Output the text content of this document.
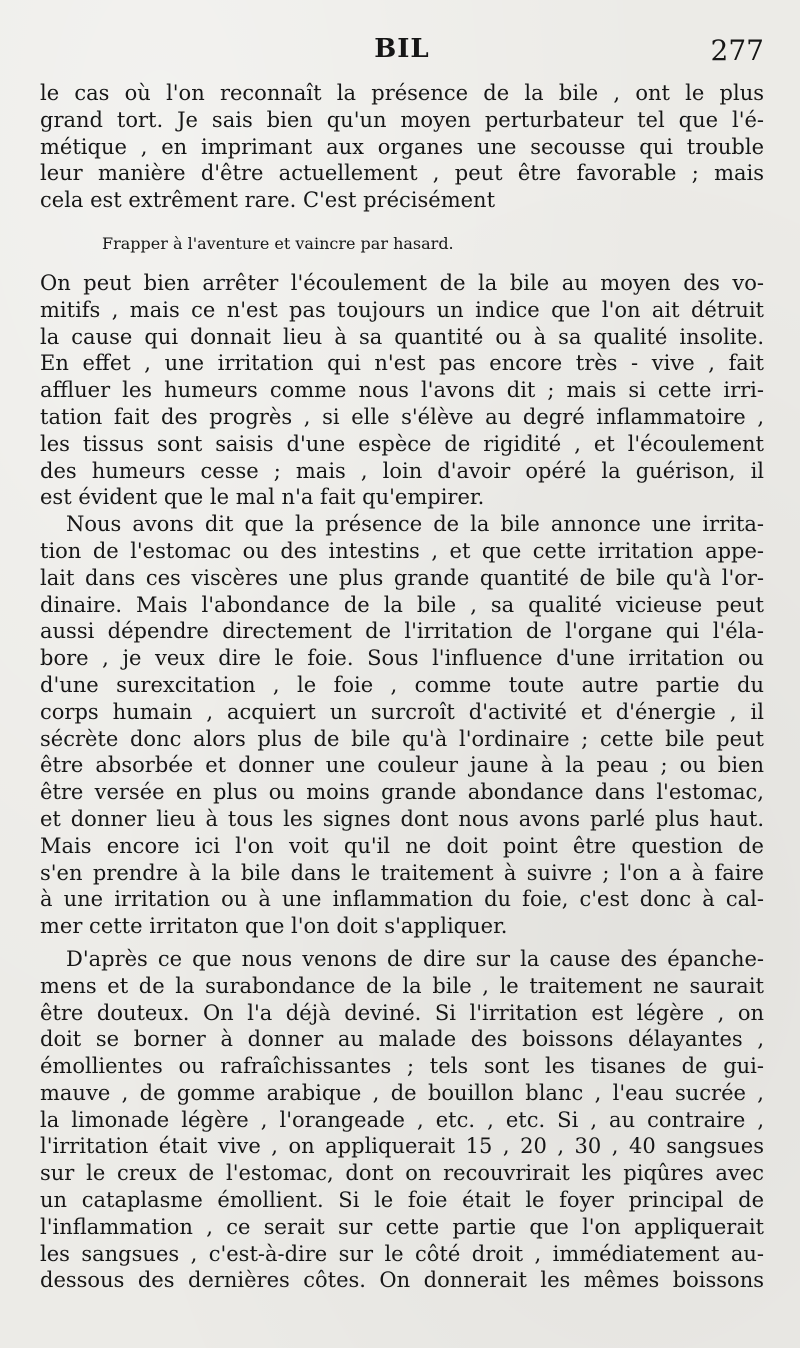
BIL	277
le cas où l'on reconnaît la présence de la bile , ont le plus
grand tort. Je sais bien qu'un moyen perturbateur tel que l'é-
métique , en imprimant aux organes une secousse qui trouble
leur manière d'être actuellement , peut être favorable ; mais
cela est extrêment rare. C'est précisément
Frapper à l'aventure et vaincre par hasard.
On peut bien arrêter l'écoulement de la bile au moyen des vo-
mitifs , mais ce n'est pas toujours un indice que l'on ait détruit
la cause qui donnait lieu à sa quantité ou à sa qualité insolite.
En effet , une irritation qui n'est pas encore très - vive , fait
affluer les humeurs comme nous l'avons dit ; mais si cette irri-
tation fait des progrès , si elle s'élève au degré inflammatoire ,
les tissus sont saisis d'une espèce de rigidité , et l'écoulement
des humeurs cesse ; mais , loin d'avoir opéré la guérison, il
est évident que le mal n'a fait qu'empirer.
Nous avons dit que la présence de la bile annonce une irrita-
tion de l'estomac ou des intestins , et que cette irritation appe-
lait dans ces viscères une plus grande quantité de bile qu'à l'or-
dinaire. Mais l'abondance de la bile , sa qualité vicieuse peut
aussi dépendre directement de l'irritation de l'organe qui l'éla-
bore , je veux dire le foie. Sous l'influence d'une irritation ou
d'une surexcitation , le foie , comme toute autre partie du
corps humain , acquiert un surcroît d'activité et d'énergie , il
sécrète donc alors plus de bile qu'à l'ordinaire ; cette bile peut
être absorbée et donner une couleur jaune à la peau ; ou bien
être versée en plus ou moins grande abondance dans l'estomac,
et donner lieu à tous les signes dont nous avons parlé plus haut.
Mais encore ici l'on voit qu'il ne doit point être question de
s'en prendre à la bile dans le traitement à suivre ; l'on a à faire
à une irritation ou à une inflammation du foie, c'est donc à cal-
mer cette irritaton que l'on doit s'appliquer.
D'après ce que nous venons de dire sur la cause des épanche-
mens et de la surabondance de la bile , le traitement ne saurait
être douteux. On l'a déjà deviné. Si l'irritation est légère , on
doit se borner à donner au malade des boissons délayantes ,
émollientes ou rafraîchissantes ; tels sont les tisanes de gui-
mauve , de gomme arabique , de bouillon blanc , l'eau sucrée ,
la limonade légère , l'orangeade , etc. , etc. Si , au contraire ,
l'irritation était vive , on appliquerait 15 , 20 , 30 , 40 sangsues
sur le creux de l'estomac, dont on recouvrirait les piqûres avec
un cataplasme émollient. Si le foie était le foyer principal de
l'inflammation , ce serait sur cette partie que l'on appliquerait
les sangsues , c'est-à-dire sur le côté droit , immédiatement au-
dessous des dernières côtes. On donnerait les mêmes boissons
